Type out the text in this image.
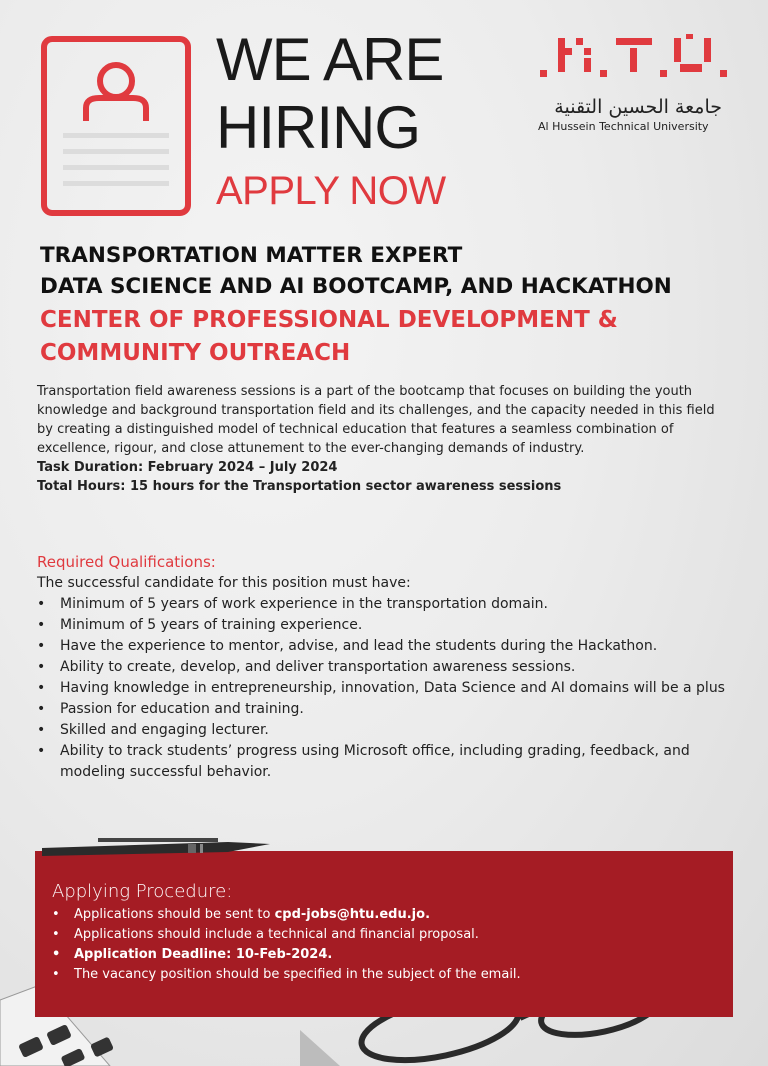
WE ARE
HIRING
APPLY NOW
جامعة الحسين التقنية
Al Hussein Technical University
TRANSPORTATION MATTER EXPERT
DATA SCIENCE AND AI BOOTCAMP, AND HACKATHON
CENTER OF PROFESSIONAL DEVELOPMENT &
COMMUNITY OUTREACH
Transportation field awareness sessions is a part of the bootcamp that focuses on building the youth knowledge and background transportation field and its challenges, and the capacity needed in this field by creating a distinguished model of technical education that features a seamless combination of excellence, rigour, and close attunement to the ever-changing demands of industry.
Task Duration: February 2024 – July 2024
Total Hours: 15 hours for the Transportation sector awareness sessions
Required Qualifications:
The successful candidate for this position must have:
• Minimum of 5 years of work experience in the transportation domain.
• Minimum of 5 years of training experience.
• Have the experience to mentor, advise, and lead the students during the Hackathon.
• Ability to create, develop, and deliver transportation awareness sessions.
• Having knowledge in entrepreneurship, innovation, Data Science and AI domains will be a plus
• Passion for education and training.
• Skilled and engaging lecturer.
• Ability to track students’ progress using Microsoft office, including grading, feedback, and modeling successful behavior.
Applying Procedure:
• Applications should be sent to cpd-jobs@htu.edu.jo.
• Applications should include a technical and financial proposal.
• Application Deadline: 10-Feb-2024.
• The vacancy position should be specified in the subject of the email.
